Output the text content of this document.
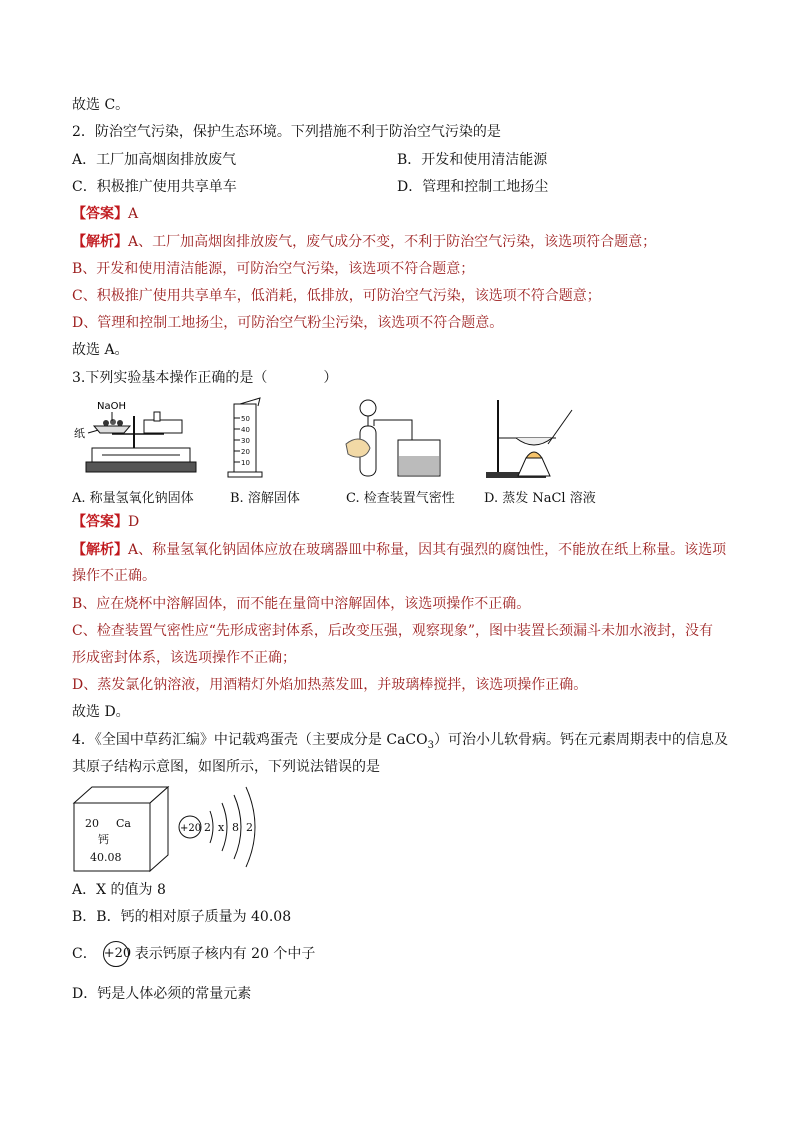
故选 C。
2．防治空气污染，保护生态环境。下列措施不利于防治空气污染的是
A．工厂加高烟囱排放废气	B．开发和使用清洁能源
C．积极推广使用共享单车	D．管理和控制工地扬尘
【答案】A
【解析】A、工厂加高烟囱排放废气，废气成分不变，不利于防治空气污染，该选项符合题意；
B、开发和使用清洁能源，可防治空气污染，该选项不符合题意；
C、积极推广使用共享单车，低消耗，低排放，可防治空气污染，该选项不符合题意；
D、管理和控制工地扬尘，可防治空气粉尘污染，该选项不符合题意。
故选 A。
3.下列实验基本操作正确的是（　　　　）
NaOH
纸
50
40
30
20
10
A. 称量氢氧化钠固体	B. 溶解固体	C. 检查装置气密性 D. 蒸发 NaCl 溶液
【答案】D
【解析】A、称量氢氧化钠固体应放在玻璃器皿中称量，因其有强烈的腐蚀性，不能放在纸上称量。该选项
操作不正确。
B、应在烧杯中溶解固体，而不能在量筒中溶解固体，该选项操作不正确。
C、检查装置气密性应“先形成密封体系，后改变压强，观察现象”，图中装置长颈漏斗未加水液封，没有
形成密封体系，该选项操作不正确；
D、蒸发氯化钠溶液，用酒精灯外焰加热蒸发皿，并玻璃棒搅拌，该选项操作正确。
故选 D。
4．《全国中草药汇编》中记载鸡蛋壳（主要成分是 CaCO$_3$）可治小儿软骨病。钙在元素周期表中的信息及
其原子结构示意图，如图所示，下列说法错误的是
20 Ca
钙
40.08
+20 2 x 8 2
A．X 的值为 8
B．B．钙的相对原子质量为 40.08
C． +20 表示钙原子核内有 20 个中子
D．钙是人体必须的常量元素
